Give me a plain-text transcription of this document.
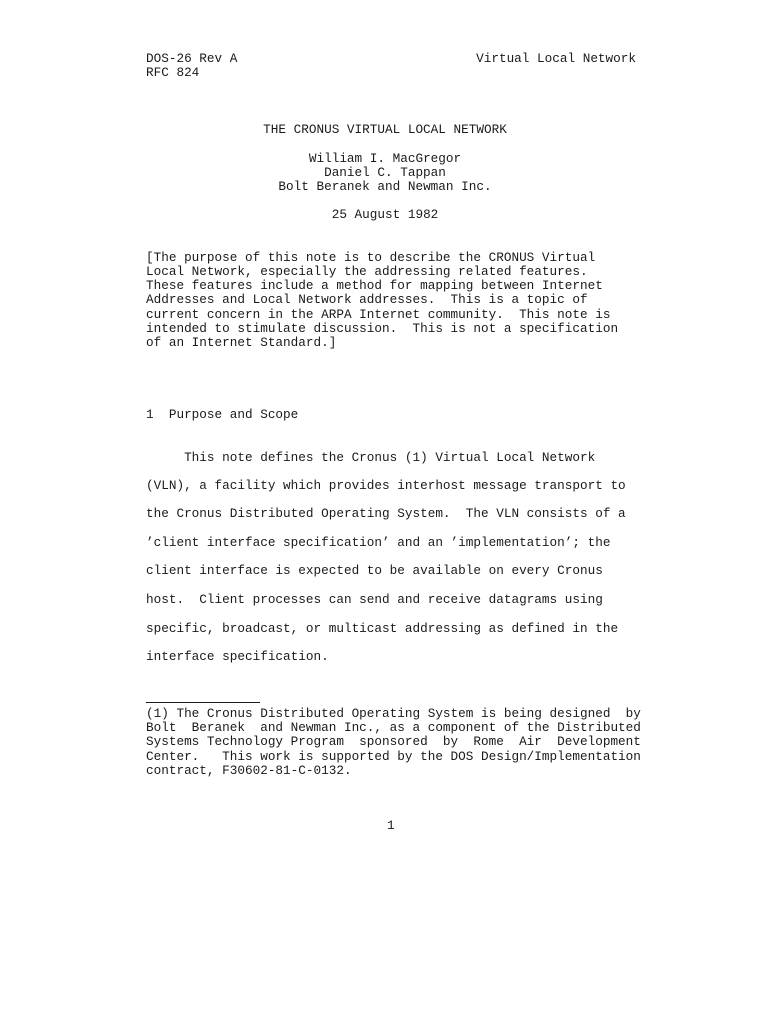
DOS-26 Rev A	Virtual Local Network
RFC 824
THE CRONUS VIRTUAL LOCAL NETWORK
William I. MacGregor
Daniel C. Tappan
Bolt Beranek and Newman Inc.
25 August 1982
[The purpose of this note is to describe the CRONUS Virtual
Local Network, especially the addressing related features.
These features include a method for mapping between Internet
Addresses and Local Network addresses.  This is a topic of
current concern in the ARPA Internet community.  This note is
intended to stimulate discussion.  This is not a specification
of an Internet Standard.]
1  Purpose and Scope
This note defines the Cronus (1) Virtual Local Network
(VLN), a facility which provides interhost message transport to
the Cronus Distributed Operating System.  The VLN consists of a
’client interface specification’ and an ’implementation’; the
client interface is expected to be available on every Cronus
host.  Client processes can send and receive datagrams using
specific, broadcast, or multicast addressing as defined in the
interface specification.
(1) The Cronus Distributed Operating System is being designed  by
Bolt  Beranek  and Newman Inc., as a component of the Distributed
Systems Technology Program  sponsored  by  Rome  Air  Development
Center.   This work is supported by the DOS Design/Implementation
contract, F30602-81-C-0132.
1
